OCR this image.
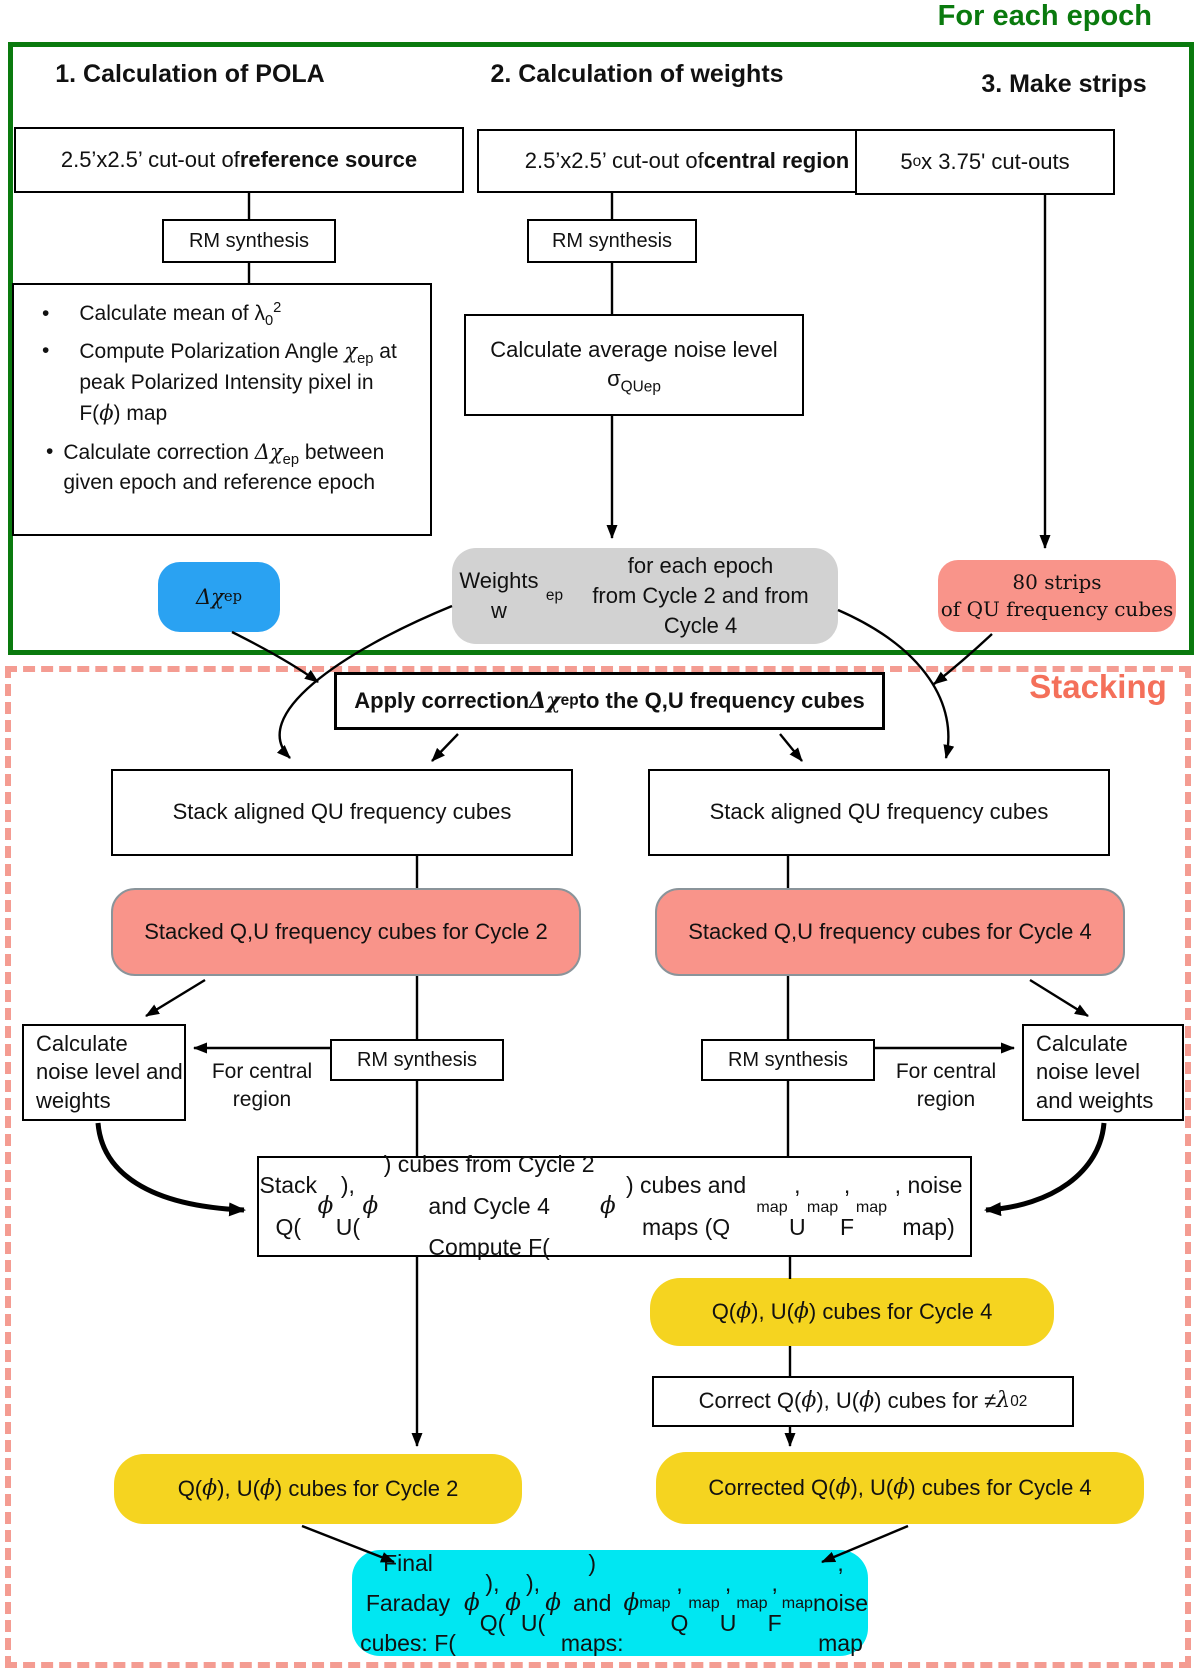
For each epoch
Stacking
1. Calculation of POLA	2. Calculation of weights	3. Make strips
2.5’x2.5’ cut-out of reference source	2.5’x2.5’ cut-out of central region	5 o x 3.75' cut-outs
RM synthesis	RM synthesis
• Calculate mean of $\lambda_0^2$
• Compute Polarization Angle $\chi_{ep}$ at peak Polarized Intensity pixel in F(ϕ) map
• Calculate correction $\Delta\chi_{ep}$ between given epoch and reference epoch
Calculate average noise level
$\sigma_{QUep}$
Δχ ep
Weights w
ep
for each epoch
from Cycle 2 and from Cycle 4
80 strips
of QU frequency cubes
Apply correction Δχ ep to the Q,U frequency cubes
Stack aligned QU frequency cubes	Stack aligned QU frequency cubes
Stacked Q,U frequency cubes for Cycle 2	Stacked Q,U frequency cubes for Cycle 4
Calculate noise level and weights
Calculate noise level and weights
RM synthesis	RM synthesis
For central region
For central region
Stack Q(
ϕ
), U(
ϕ
) cubes from Cycle 2 and Cycle 4
Compute F(
ϕ
) cubes and maps (Q
map
, U
map
, F
map
, noise map)
Q( ϕ ), U( ϕ ) cubes for Cycle 4
Correct Q( ϕ ), U( ϕ ) cubes for ≠ λ 0 2
Q( ϕ ), U( ϕ ) cubes for Cycle 2	Corrected Q( ϕ ), U( ϕ ) cubes for Cycle 4
Final Faraday cubes: F(
ϕ
), Q(
ϕ
), U(
ϕ
)
and maps:
ϕ map
, Q
map
, U
map
, F
map
, noise map
